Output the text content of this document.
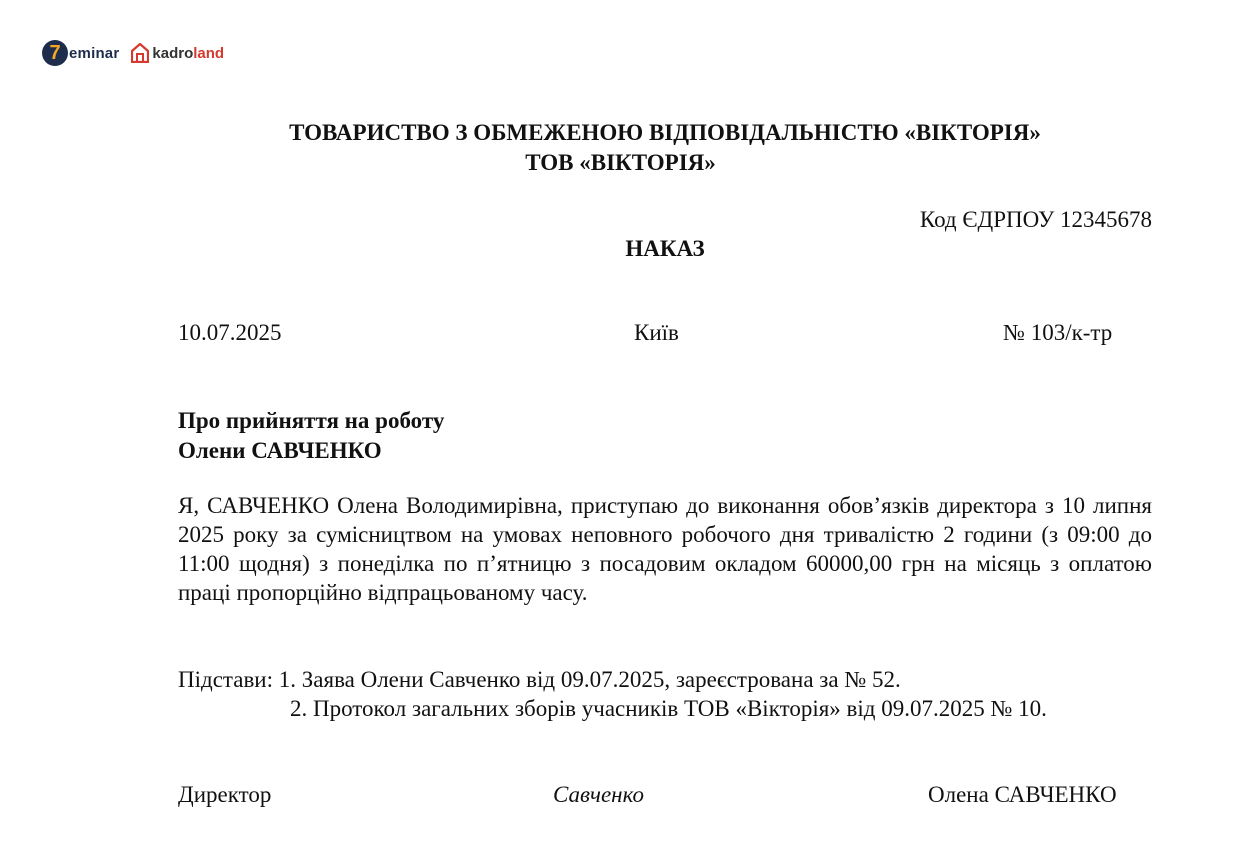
7 eminar kadroland
ТОВАРИСТВО З ОБМЕЖЕНОЮ ВІДПОВІДАЛЬНІСТЮ «ВІКТОРІЯ»
ТОВ «ВІКТОРІЯ»
Код ЄДРПОУ 12345678
НАКАЗ
10.07.2025	Київ	№ 103/к-тр
Про прийняття на роботу
Олени САВЧЕНКО
Я, САВЧЕНКО Олена Володимирівна, приступаю до виконання обов’язків директора з 10 липня 2025 року за сумісництвом на умовах неповного робочого дня тривалістю 2 години (з 09:00 до 11:00 щодня) з понеділка по п’ятницю з посадовим окладом 60000,00 грн на місяць з оплатою праці пропорційно відпрацьованому часу.
Підстави: 1. Заява Олени Савченко від 09.07.2025, зареєстрована за № 52.
2. Протокол загальних зборів учасників ТОВ «Вікторія» від 09.07.2025 № 10.
Директор	Савченко	Олена САВЧЕНКО
